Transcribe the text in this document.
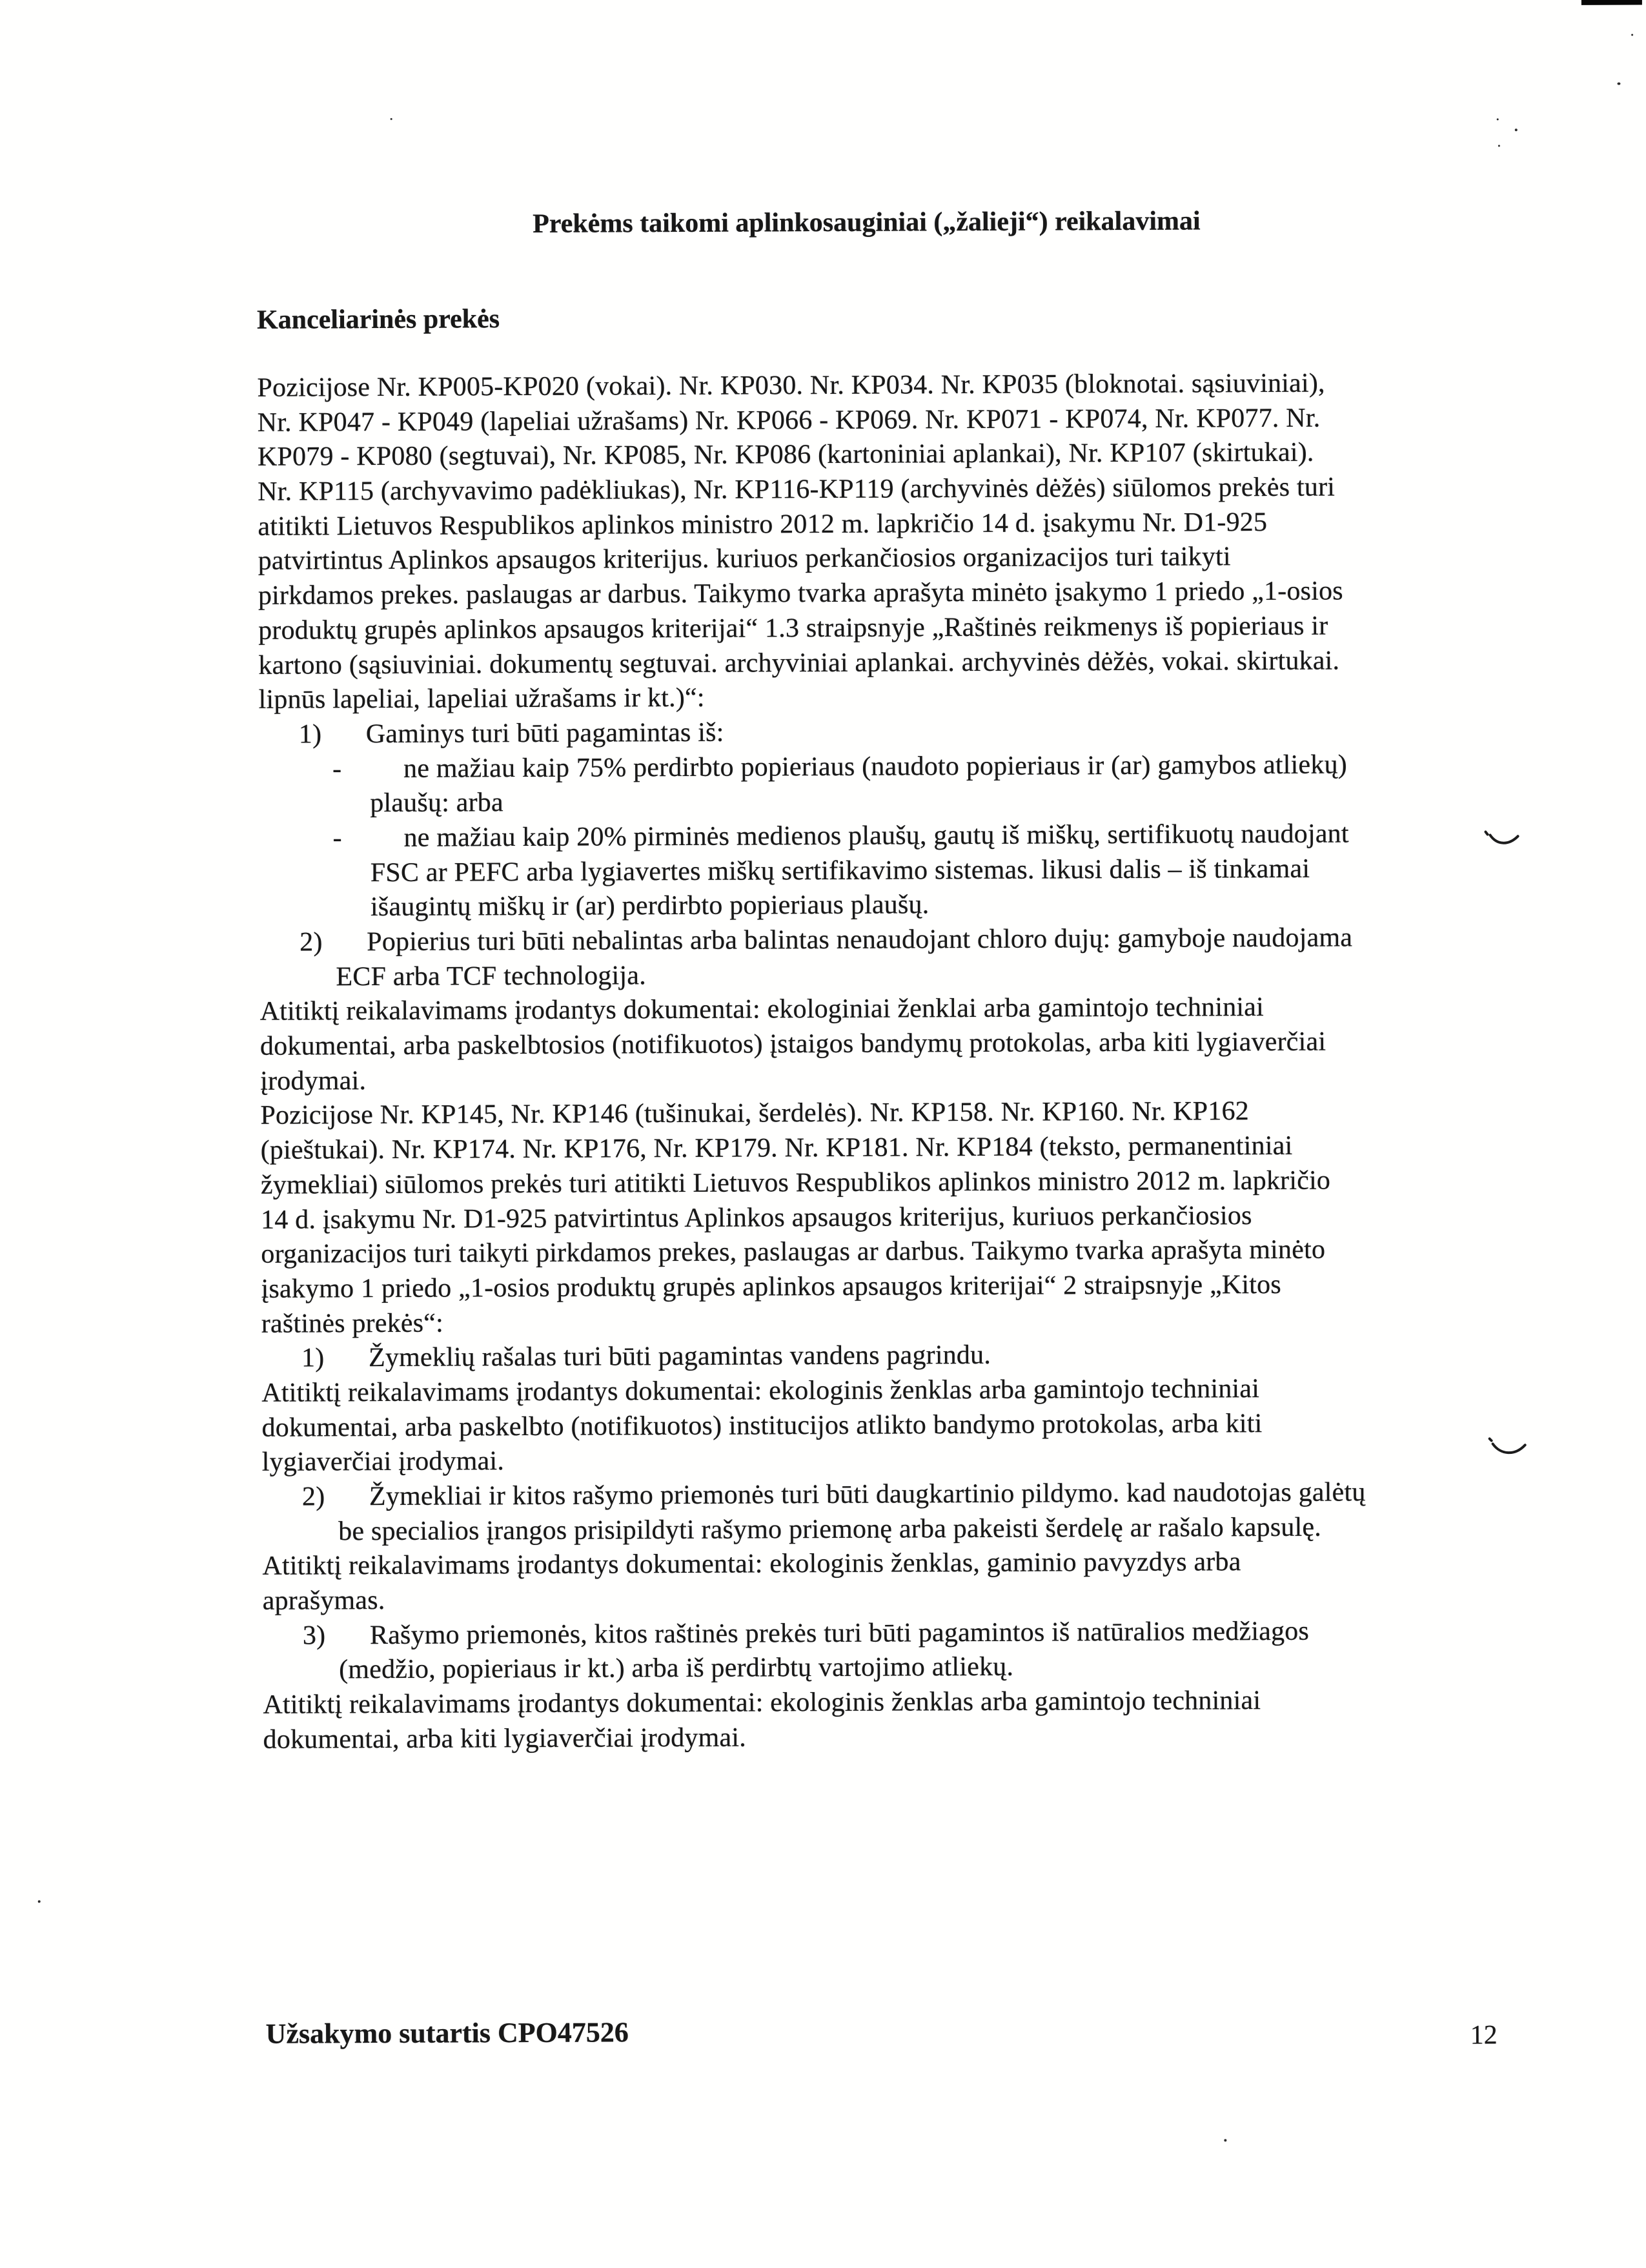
Prekėms taikomi aplinkosauginiai („žalieji“) reikalavimai
Kanceliarinės prekės
Pozicijose Nr. KP005-KP020 (vokai). Nr. KP030. Nr. KP034. Nr. KP035 (bloknotai. sąsiuviniai),
Nr. KP047 - KP049 (lapeliai užrašams) Nr. KP066 - KP069. Nr. KP071 - KP074, Nr. KP077. Nr.
KP079 - KP080 (segtuvai), Nr. KP085, Nr. KP086 (kartoniniai aplankai), Nr. KP107 (skirtukai).
Nr. KP115 (archyvavimo padėkliukas), Nr. KP116-KP119 (archyvinės dėžės) siūlomos prekės turi
atitikti Lietuvos Respublikos aplinkos ministro 2012 m. lapkričio 14 d. įsakymu Nr. D1-925
patvirtintus Aplinkos apsaugos kriterijus. kuriuos perkančiosios organizacijos turi taikyti
pirkdamos prekes. paslaugas ar darbus. Taikymo tvarka aprašyta minėto įsakymo 1 priedo „1-osios
produktų grupės aplinkos apsaugos kriterijai“ 1.3 straipsnyje „Raštinės reikmenys iš popieriaus ir
kartono (sąsiuviniai. dokumentų segtuvai. archyviniai aplankai. archyvinės dėžės, vokai. skirtukai.
lipnūs lapeliai, lapeliai užrašams ir kt.)“:
1) Gaminys turi būti pagamintas iš:
- ne mažiau kaip 75% perdirbto popieriaus (naudoto popieriaus ir (ar) gamybos atliekų)
plaušų: arba
- ne mažiau kaip 20% pirminės medienos plaušų, gautų iš miškų, sertifikuotų naudojant
FSC ar PEFC arba lygiavertes miškų sertifikavimo sistemas. likusi dalis – iš tinkamai
išaugintų miškų ir (ar) perdirbto popieriaus plaušų.
2) Popierius turi būti nebalintas arba balintas nenaudojant chloro dujų: gamyboje naudojama
ECF arba TCF technologija.
Atitiktį reikalavimams įrodantys dokumentai: ekologiniai ženklai arba gamintojo techniniai
dokumentai, arba paskelbtosios (notifikuotos) įstaigos bandymų protokolas, arba kiti lygiaverčiai
įrodymai.
Pozicijose Nr. KP145, Nr. KP146 (tušinukai, šerdelės). Nr. KP158. Nr. KP160. Nr. KP162
(pieštukai). Nr. KP174. Nr. KP176, Nr. KP179. Nr. KP181. Nr. KP184 (teksto, permanentiniai
žymekliai) siūlomos prekės turi atitikti Lietuvos Respublikos aplinkos ministro 2012 m. lapkričio
14 d. įsakymu Nr. D1-925 patvirtintus Aplinkos apsaugos kriterijus, kuriuos perkančiosios
organizacijos turi taikyti pirkdamos prekes, paslaugas ar darbus. Taikymo tvarka aprašyta minėto
įsakymo 1 priedo „1-osios produktų grupės aplinkos apsaugos kriterijai“ 2 straipsnyje „Kitos
raštinės prekės“:
1) Žymeklių rašalas turi būti pagamintas vandens pagrindu.
Atitiktį reikalavimams įrodantys dokumentai: ekologinis ženklas arba gamintojo techniniai
dokumentai, arba paskelbto (notifikuotos) institucijos atlikto bandymo protokolas, arba kiti
lygiaverčiai įrodymai.
2) Žymekliai ir kitos rašymo priemonės turi būti daugkartinio pildymo. kad naudotojas galėtų
be specialios įrangos prisipildyti rašymo priemonę arba pakeisti šerdelę ar rašalo kapsulę.
Atitiktį reikalavimams įrodantys dokumentai: ekologinis ženklas, gaminio pavyzdys arba
aprašymas.
3) Rašymo priemonės, kitos raštinės prekės turi būti pagamintos iš natūralios medžiagos
(medžio, popieriaus ir kt.) arba iš perdirbtų vartojimo atliekų.
Atitiktį reikalavimams įrodantys dokumentai: ekologinis ženklas arba gamintojo techniniai
dokumentai, arba kiti lygiaverčiai įrodymai.
Užsakymo sutartis CPO47526	12
